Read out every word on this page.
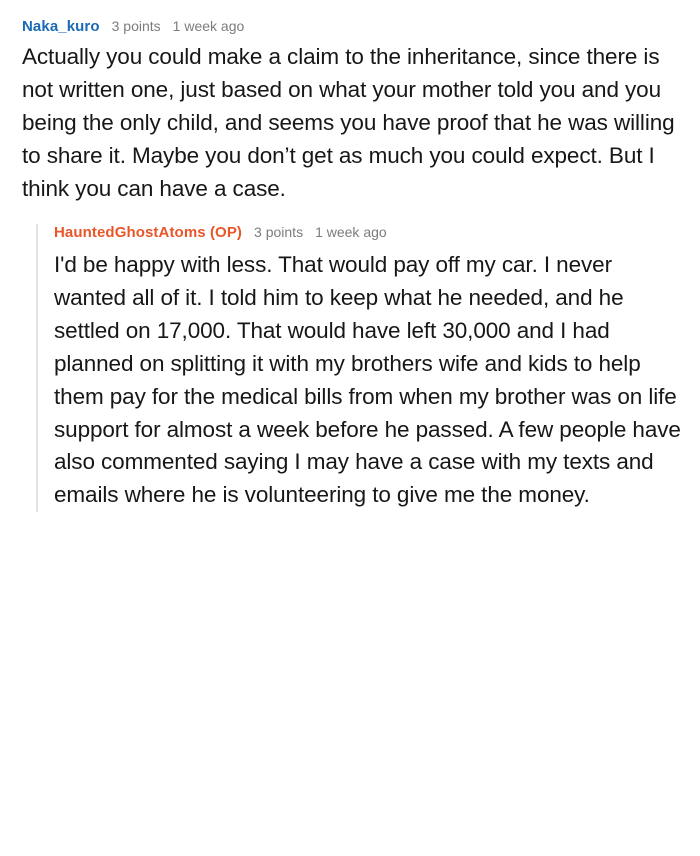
Naka_kuro 3 points 1 week ago
Actually you could make a claim to the inheritance, since there is not written one, just based on what your mother told you and you being the only child, and seems you have proof that he was willing to share it. Maybe you don’t get as much you could expect. But I think you can have a case.
HauntedGhostAtoms (OP) 3 points 1 week ago
I'd be happy with less. That would pay off my car. I never wanted all of it. I told him to keep what he needed, and he settled on 17,000. That would have left 30,000 and I had planned on splitting it with my brothers wife and kids to help them pay for the medical bills from when my brother was on life support for almost a week before he passed. A few people have also commented saying I may have a case with my texts and emails where he is volunteering to give me the money.
